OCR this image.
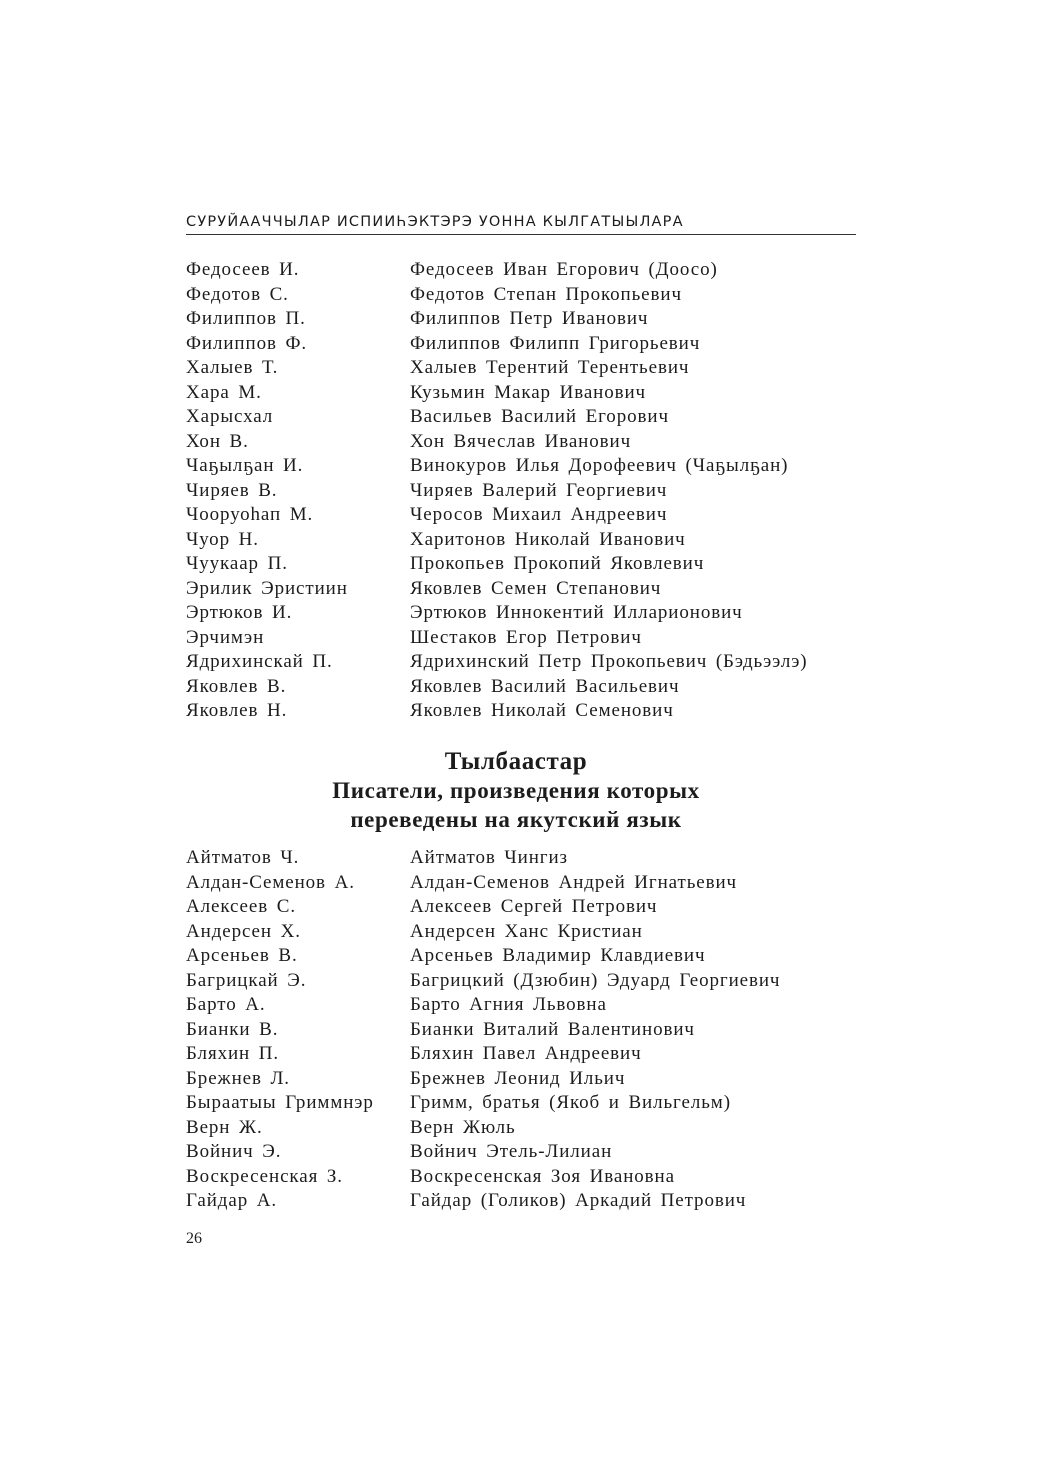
СУРУЙААЧЧЫЛАР ИСПИИҺЭКТЭРЭ УОННА КЫЛГАТЫЫЛАРА
Федосеев И.	Федосеев Иван Егорович (Доосо)
Федотов С.	Федотов Степан Прокопьевич
Филиппов П.	Филиппов Петр Иванович
Филиппов Ф.	Филиппов Филипп Григорьевич
Халыев Т.	Халыев Терентий Терентьевич
Хара М.	Кузьмин Макар Иванович
Харысхал	Васильев Василий Егорович
Хон В.	Хон Вячеслав Иванович
Чаҕылҕан И.	Винокуров Илья Дорофеевич (Чаҕылҕан)
Чиряев В.	Чиряев Валерий Георгиевич
Чооруоһап М.	Черосов Михаил Андреевич
Чуор Н.	Харитонов Николай Иванович
Чуукаар П.	Прокопьев Прокопий Яковлевич
Эрилик Эристиин	Яковлев Семен Степанович
Эртюков И.	Эртюков Иннокентий Илларионович
Эрчимэн	Шестаков Егор Петрович
Ядрихинскай П.	Ядрихинский Петр Прокопьевич (Бэдьээлэ)
Яковлев В.	Яковлев Василий Васильевич
Яковлев Н.	Яковлев Николай Семенович
Тылбаастар
Писатели, произведения которых
переведены на якутский язык
Айтматов Ч.	Айтматов Чингиз
Алдан-Семенов А.	Алдан-Семенов Андрей Игнатьевич
Алексеев С.	Алексеев Сергей Петрович
Андерсен Х.	Андерсен Ханс Кристиан
Арсеньев В.	Арсеньев Владимир Клавдиевич
Багрицкай Э.	Багрицкий (Дзюбин) Эдуард Георгиевич
Барто А.	Барто Агния Львовна
Бианки В.	Бианки Виталий Валентинович
Бляхин П.	Бляхин Павел Андреевич
Брежнев Л.	Брежнев Леонид Ильич
Быраатыы Гриммнэр	Гримм, братья (Якоб и Вильгельм)
Верн Ж.	Верн Жюль
Войнич Э.	Войнич Этель-Лилиан
Воскресенская З.	Воскресенская Зоя Ивановна
Гайдар А.	Гайдар (Голиков) Аркадий Петрович
26
